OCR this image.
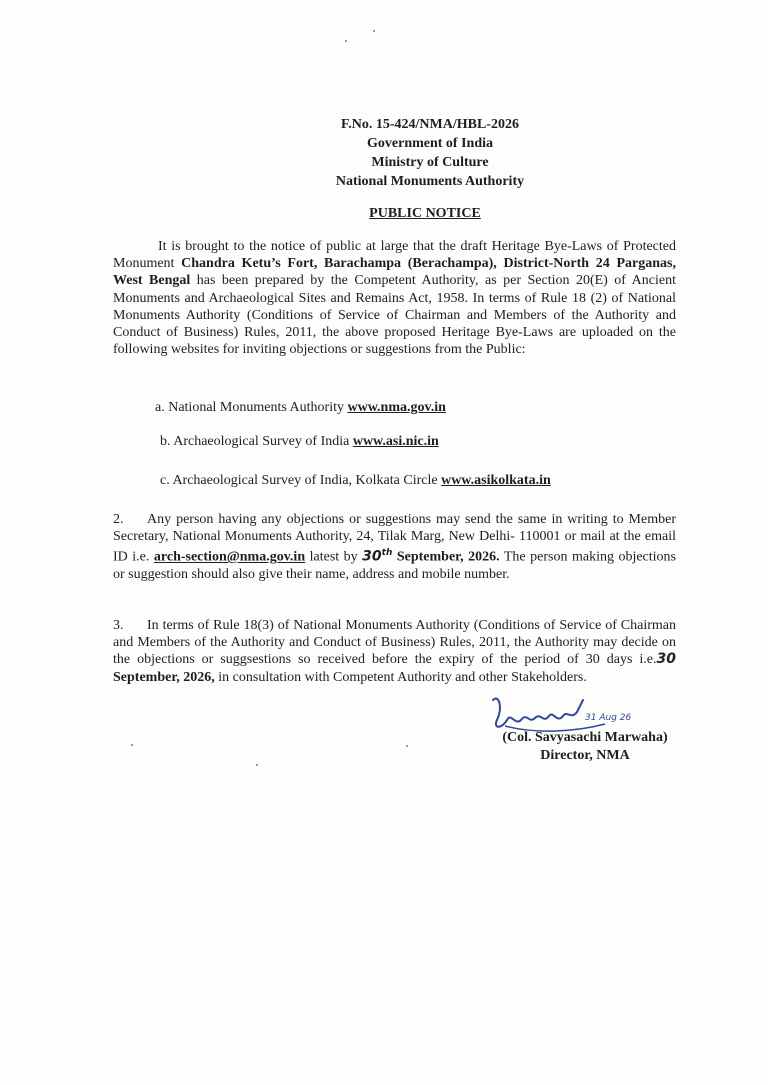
F.No. 15-424/NMA/HBL-2026
Government of India
Ministry of Culture
National Monuments Authority
PUBLIC NOTICE
It is brought to the notice of public at large that the draft Heritage Bye-Laws of Protected Monument Chandra Ketu’s Fort, Barachampa (Berachampa), District-North 24 Parganas, West Bengal has been prepared by the Competent Authority, as per Section 20(E) of Ancient Monuments and Archaeological Sites and Remains Act, 1958. In terms of Rule 18 (2) of National Monuments Authority (Conditions of Service of Chairman and Members of the Authority and Conduct of Business) Rules, 2011, the above proposed Heritage Bye-Laws are uploaded on the following websites for inviting objections or suggestions from the Public:
a. National Monuments Authority www.nma.gov.in
b. Archaeological Survey of India www.asi.nic.in
c. Archaeological Survey of India, Kolkata Circle www.asikolkata.in
2. Any person having any objections or suggestions may send the same in writing to Member Secretary, National Monuments Authority, 24, Tilak Marg, New Delhi- 110001 or mail at the email ID i.e. arch-section@nma.gov.in latest by 30th September, 2026. The person making objections or suggestion should also give their name, address and mobile number.
3. In terms of Rule 18(3) of National Monuments Authority (Conditions of Service of Chairman and Members of the Authority and Conduct of Business) Rules, 2011, the Authority may decide on the objections or suggsestions so received before the expiry of the period of 30 days i.e.30 September, 2026, in consultation with Competent Authority and other Stakeholders.
31 Aug 26
(Col. Savyasachi Marwaha)
Director, NMA
